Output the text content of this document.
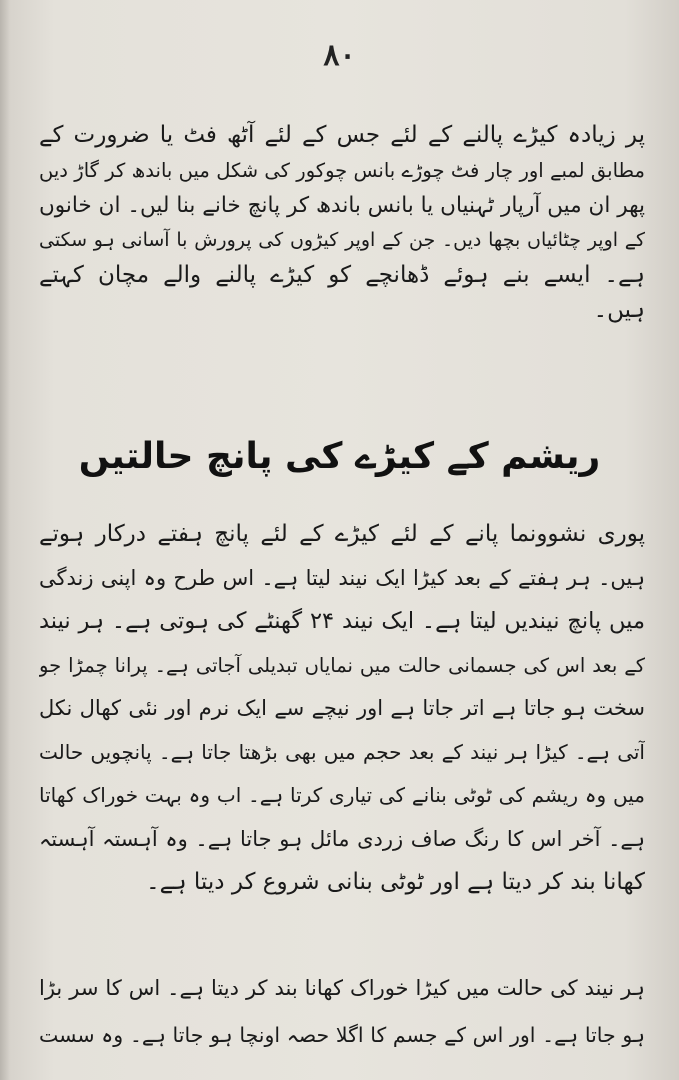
۸۰
پر زیادہ کیڑے پالنے کے لئے جس کے لئے آٹھ فٹ یا ضرورت کے
مطابق لمبے اور چار فٹ چوڑے بانس چوکور کی شکل میں باندھ کر گاڑ دیں
پھر ان میں آرپار ٹہنیاں یا بانس باندھ کر پانچ خانے بنا لیں۔ ان خانوں
کے اوپر چٹائیاں بچھا دیں۔ جن کے اوپر کیڑوں کی پرورش با آسانی ہو سکتی
ہے۔ ایسے بنے ہوئے ڈھانچے کو کیڑے پالنے والے مچان کہتے
ہیں۔
ریشم کے کیڑے کی پانچ حالتیں
پوری نشوونما پانے کے لئے کیڑے کے لئے پانچ ہفتے درکار ہوتے
ہیں۔ ہر ہفتے کے بعد کیڑا ایک نیند لیتا ہے۔ اس طرح وہ اپنی زندگی
میں پانچ نیندیں لیتا ہے۔ ایک نیند ۲۴ گھنٹے کی ہوتی ہے۔ ہر نیند
کے بعد اس کی جسمانی حالت میں نمایاں تبدیلی آجاتی ہے۔ پرانا چمڑا جو
سخت ہو جاتا ہے اتر جاتا ہے اور نیچے سے ایک نرم اور نئی کھال نکل
آتی ہے۔ کیڑا ہر نیند کے بعد حجم میں بھی بڑھتا جاتا ہے۔ پانچویں حالت
میں وہ ریشم کی ٹوٹی بنانے کی تیاری کرتا ہے۔ اب وہ بہت خوراک کھاتا
ہے۔ آخر اس کا رنگ صاف زردی مائل ہو جاتا ہے۔ وہ آہستہ آہستہ
کھانا بند کر دیتا ہے اور ٹوٹی بنانی شروع کر دیتا ہے۔
ہر نیند کی حالت میں کیڑا خوراک کھانا بند کر دیتا ہے۔ اس کا سر بڑا
ہو جاتا ہے۔ اور اس کے جسم کا اگلا حصہ اونچا ہو جاتا ہے۔ وہ سست
